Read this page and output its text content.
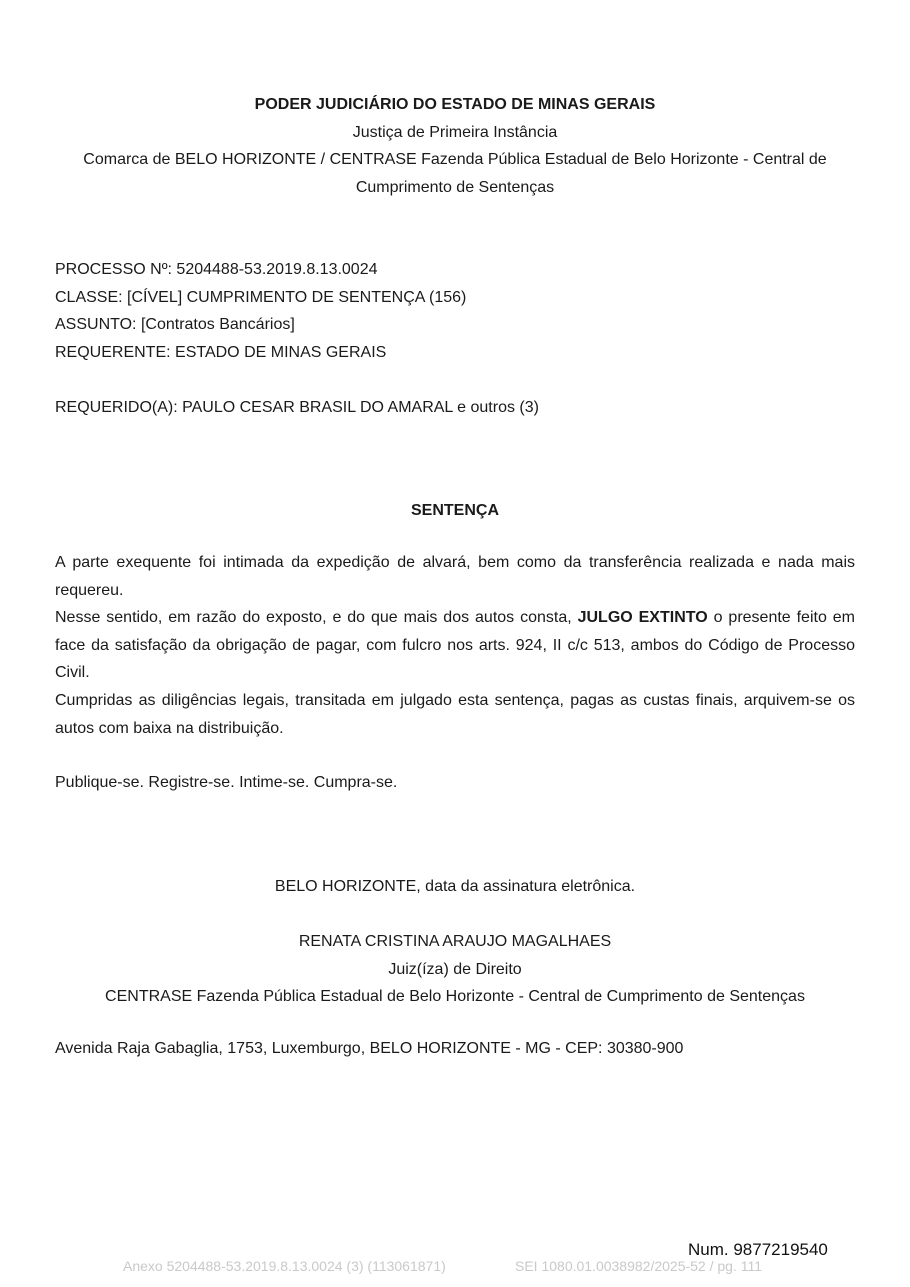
PODER JUDICIÁRIO DO ESTADO DE MINAS GERAIS
Justiça de Primeira Instância
Comarca de BELO HORIZONTE / CENTRASE Fazenda Pública Estadual de Belo Horizonte - Central de
Cumprimento de Sentenças
PROCESSO Nº: 5204488-53.2019.8.13.0024
CLASSE: [CÍVEL] CUMPRIMENTO DE SENTENÇA (156)
ASSUNTO: [Contratos Bancários]
REQUERENTE: ESTADO DE MINAS GERAIS
REQUERIDO(A): PAULO CESAR BRASIL DO AMARAL e outros (3)
SENTENÇA
A parte exequente foi intimada da expedição de alvará, bem como da transferência realizada e nada mais requereu.
Nesse sentido, em razão do exposto, e do que mais dos autos consta, JULGO EXTINTO o presente feito em face da satisfação da obrigação de pagar, com fulcro nos arts. 924, II c/c 513, ambos do Código de Processo Civil.
Cumpridas as diligências legais, transitada em julgado esta sentença, pagas as custas finais, arquivem-se os autos com baixa na distribuição.
Publique-se. Registre-se. Intime-se. Cumpra-se.
BELO HORIZONTE, data da assinatura eletrônica.
RENATA CRISTINA ARAUJO MAGALHAES
Juiz(íza) de Direito
CENTRASE Fazenda Pública Estadual de Belo Horizonte - Central de Cumprimento de Sentenças
Avenida Raja Gabaglia, 1753, Luxemburgo, BELO HORIZONTE - MG - CEP: 30380-900
Num. 9877219540
Anexo 5204488-53.2019.8.13.0024 (3) (113061871)	SEI 1080.01.0038982/2025-52 / pg. 111
